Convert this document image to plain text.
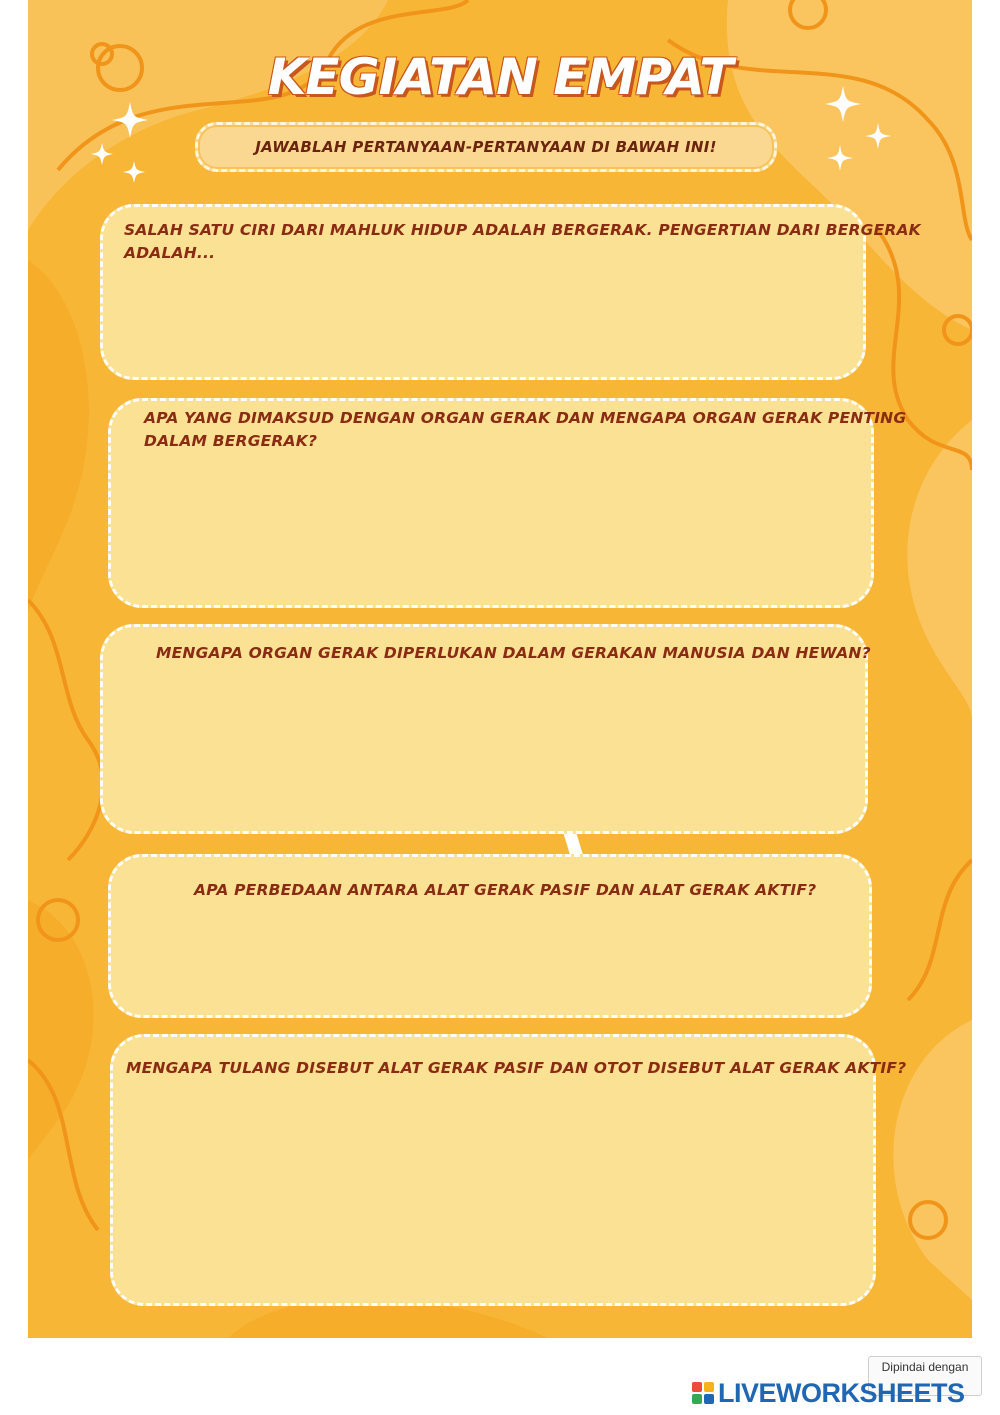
KEGIATAN EMPAT
JAWABLAH PERTANYAAN-PERTANYAAN DI BAWAH INI!
SALAH SATU CIRI DARI MAHLUK HIDUP ADALAH BERGERAK. PENGERTIAN DARI BERGERAK
ADALAH...
APA YANG DIMAKSUD DENGAN ORGAN GERAK DAN MENGAPA ORGAN GERAK PENTING
DALAM BERGERAK?
MENGAPA ORGAN GERAK DIPERLUKAN DALAM GERAKAN MANUSIA DAN HEWAN?
APA PERBEDAAN ANTARA ALAT GERAK PASIF DAN ALAT GERAK AKTIF?
MENGAPA TULANG DISEBUT ALAT GERAK PASIF DAN OTOT DISEBUT ALAT GERAK AKTIF?
Dipindai dengan
LIVEWORKSHEETS
